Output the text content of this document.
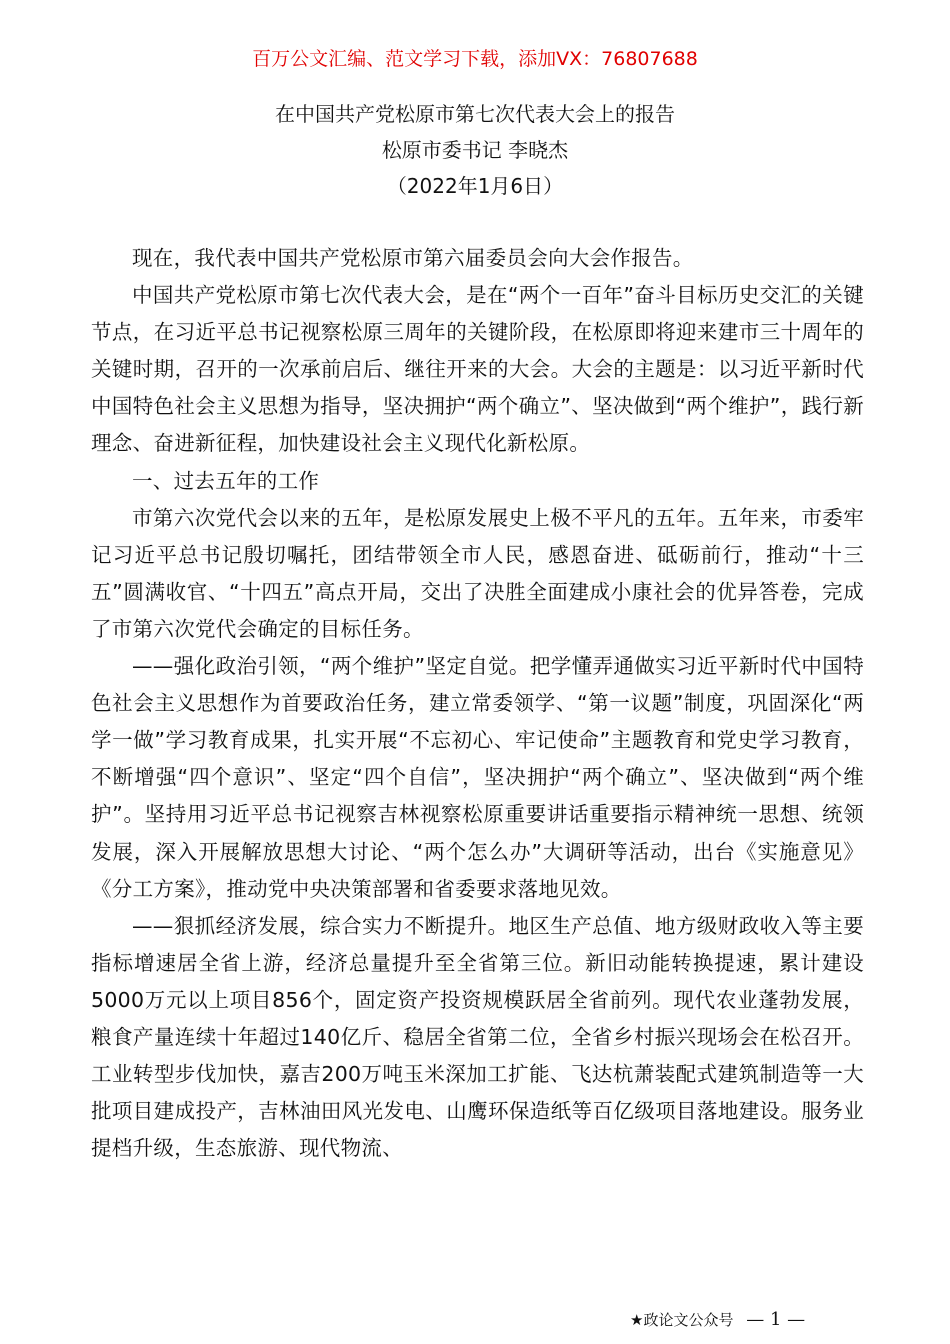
百万公文汇编、范文学习下载，添加VX：76807688
在中国共产党松原市第七次代表大会上的报告
松原市委书记 李晓杰
（2022年1月6日）

现在，我代表中国共产党松原市第六届委员会向大会作报告。

中国共产党松原市第七次代表大会，是在“两个一百年”奋斗目标历史交汇的关键节点，在习近平总书记视察松原三周年的关键阶段，在松原即将迎来建市三十周年的关键时期，召开的一次承前启后、继往开来的大会。大会的主题是：以习近平新时代中国特色社会主义思想为指导，坚决拥护“两个确立”、坚决做到“两个维护”，践行新理念、奋进新征程，加快建设社会主义现代化新松原。

一、过去五年的工作

市第六次党代会以来的五年，是松原发展史上极不平凡的五年。五年来，市委牢记习近平总书记殷切嘱托，团结带领全市人民，感恩奋进、砥砺前行，推动“十三五”圆满收官、“十四五”高点开局，交出了决胜全面建成小康社会的优异答卷，完成了市第六次党代会确定的目标任务。

——强化政治引领，“两个维护”坚定自觉。把学懂弄通做实习近平新时代中国特色社会主义思想作为首要政治任务，建立常委领学、“第一议题”制度，巩固深化“两学一做”学习教育成果，扎实开展“不忘初心、牢记使命”主题教育和党史学习教育，不断增强“四个意识”、坚定“四个自信”，坚决拥护“两个确立”、坚决做到“两个维护”。坚持用习近平总书记视察吉林视察松原重要讲话重要指示精神统一思想、统领发展，深入开展解放思想大讨论、“两个怎么办”大调研等活动，出台《实施意见》《分工方案》，推动党中央决策部署和省委要求落地见效。

——狠抓经济发展，综合实力不断提升。地区生产总值、地方级财政收入等主要指标增速居全省上游，经济总量提升至全省第三位。新旧动能转换提速，累计建设5000万元以上项目856个，固定资产投资规模跃居全省前列。现代农业蓬勃发展，粮食产量连续十年超过140亿斤、稳居全省第二位，全省乡村振兴现场会在松召开。工业转型步伐加快，嘉吉200万吨玉米深加工扩能、飞达杭萧装配式建筑制造等一大批项目建成投产，吉林油田风光发电、山鹰环保造纸等百亿级项目落地建设。服务业提档升级，生态旅游、现代物流、

★政论文公众号 — 1 —
